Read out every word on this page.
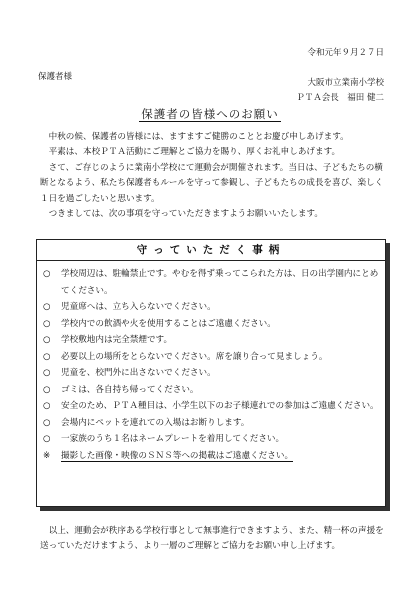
令和元年９月２７日
保護者様
大阪市立業南小学校
ＰＴＡ会長　福田 健二
保護者の皆様へのお願い

中秋の候、保護者の皆様には、ますますご健勝のこととお慶び申しあげます。

平素は、本校ＰＴＡ活動にご理解とご協力を賜り、厚くお礼申しあげます。

さて、ご存じのように業南小学校にて運動会が開催されます。当日は、子どもたちの横断となるよう、私たち保護者もルールを守って参観し、子どもたちの成長を喜び、楽しく１日を過ごしたいと思います。

つきましては、次の事項を守っていただきますようお願いいたします。

守っていただく事柄
○ 学校周辺は、駐輪禁止です。やむを得ず乗ってこられた方は、日の出学園内にとめてください。
○ 児童席へは、立ち入らないでください。
○ 学校内での飲酒や火を使用することはご遠慮ください。
○ 学校敷地内は完全禁煙です。
○ 必要以上の場所をとらないでください。席を譲り合って見ましょう。
○ 児童を、校門外に出さないでください。
○ ゴミは、各自持ち帰ってください。
○ 安全のため、ＰＴＡ種目は、小学生以下のお子様連れでの参加はご遠慮ください。
○ 会場内にペットを連れての入場はお断りします。
○ 一家族のうち１名はネームプレートを着用してください。
※ 撮影した画像・映像のＳＮＳ等への掲載はご遠慮ください。

以上、運動会が秩序ある学校行事として無事進行できますよう、また、精一杯の声援を送っていただけますよう、より一層のご理解とご協力をお願い申し上げます。
